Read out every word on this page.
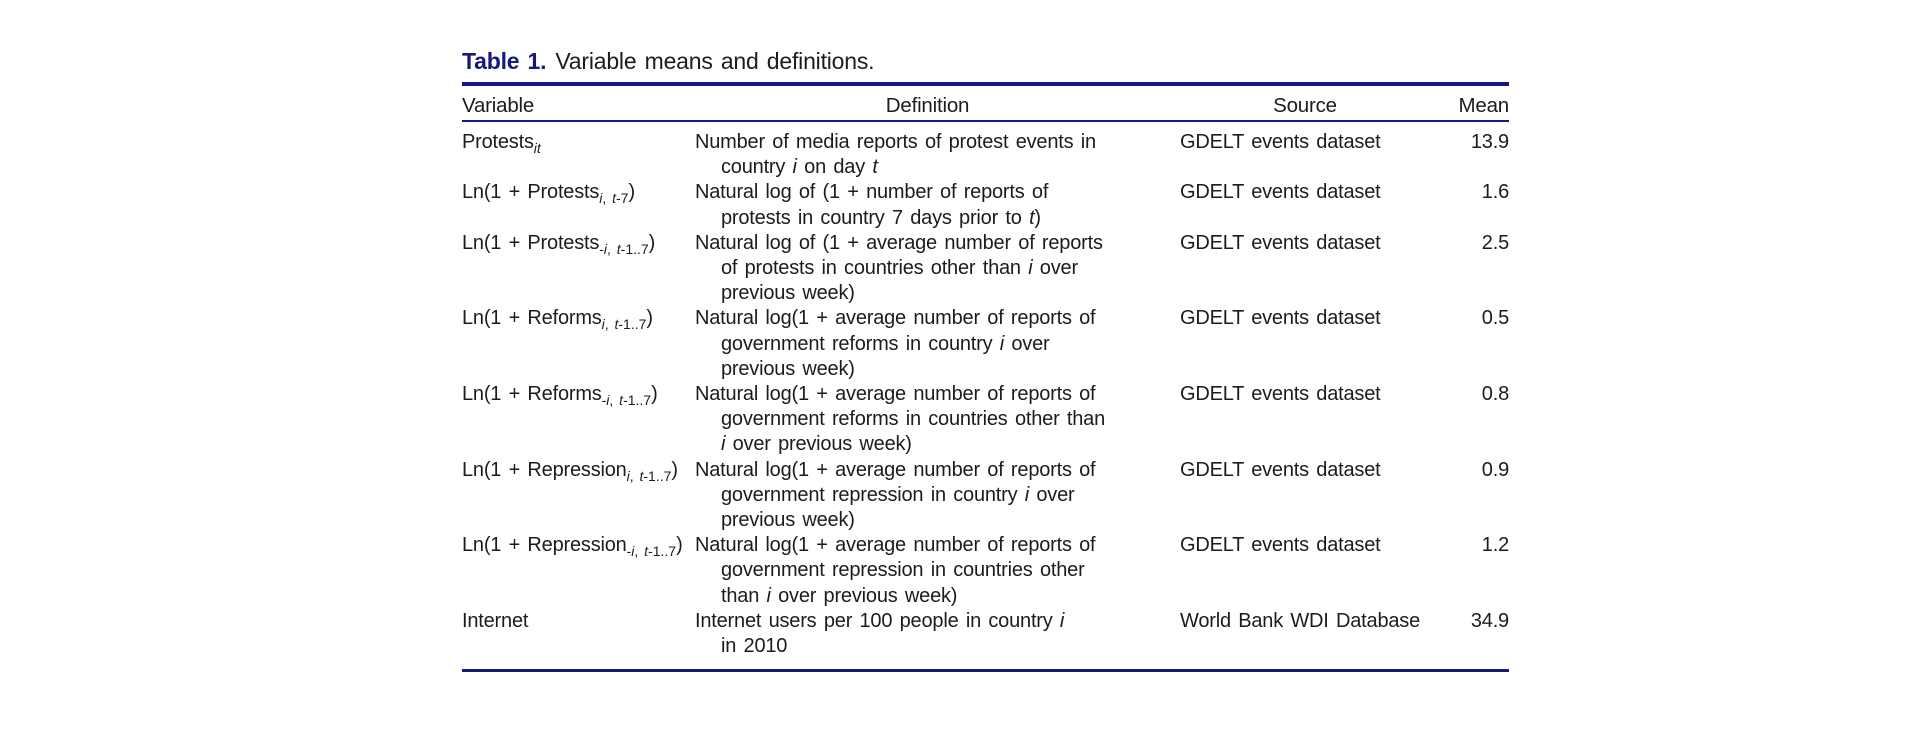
Table 1. Variable means and definitions.
Variable	Definition	Source	Mean
Protests$_{it}$	Number of media reports of protest events in
country i on day t
GDELT events dataset	13.9
Ln(1 + Protests$_{i, t-7}$)	Natural log of (1 + number of reports of
protests in country 7 days prior to t)
GDELT events dataset	1.6
Ln(1 + Protests$_{-i, t-1..7}$)	Natural log of (1 + average number of reports
of protests in countries other than i over
previous week)
GDELT events dataset	2.5
Ln(1 + Reforms$_{i, t-1..7}$)	Natural log(1 + average number of reports of
government reforms in country i over
previous week)
GDELT events dataset	0.5
Ln(1 + Reforms$_{-i, t-1..7}$)	Natural log(1 + average number of reports of
government reforms in countries other than
i over previous week)
GDELT events dataset	0.8
Ln(1 + Repression$_{i, t-1..7}$) Natural log(1 + average number of reports of
government repression in country i over
previous week)
GDELT events dataset	0.9
Ln(1 + Repression$_{-i, t-1..7}$) Natural log(1 + average number of reports of
government repression in countries other
than i over previous week)
GDELT events dataset	1.2
Internet	Internet users per 100 people in country i
in 2010
World Bank WDI Database	34.9
